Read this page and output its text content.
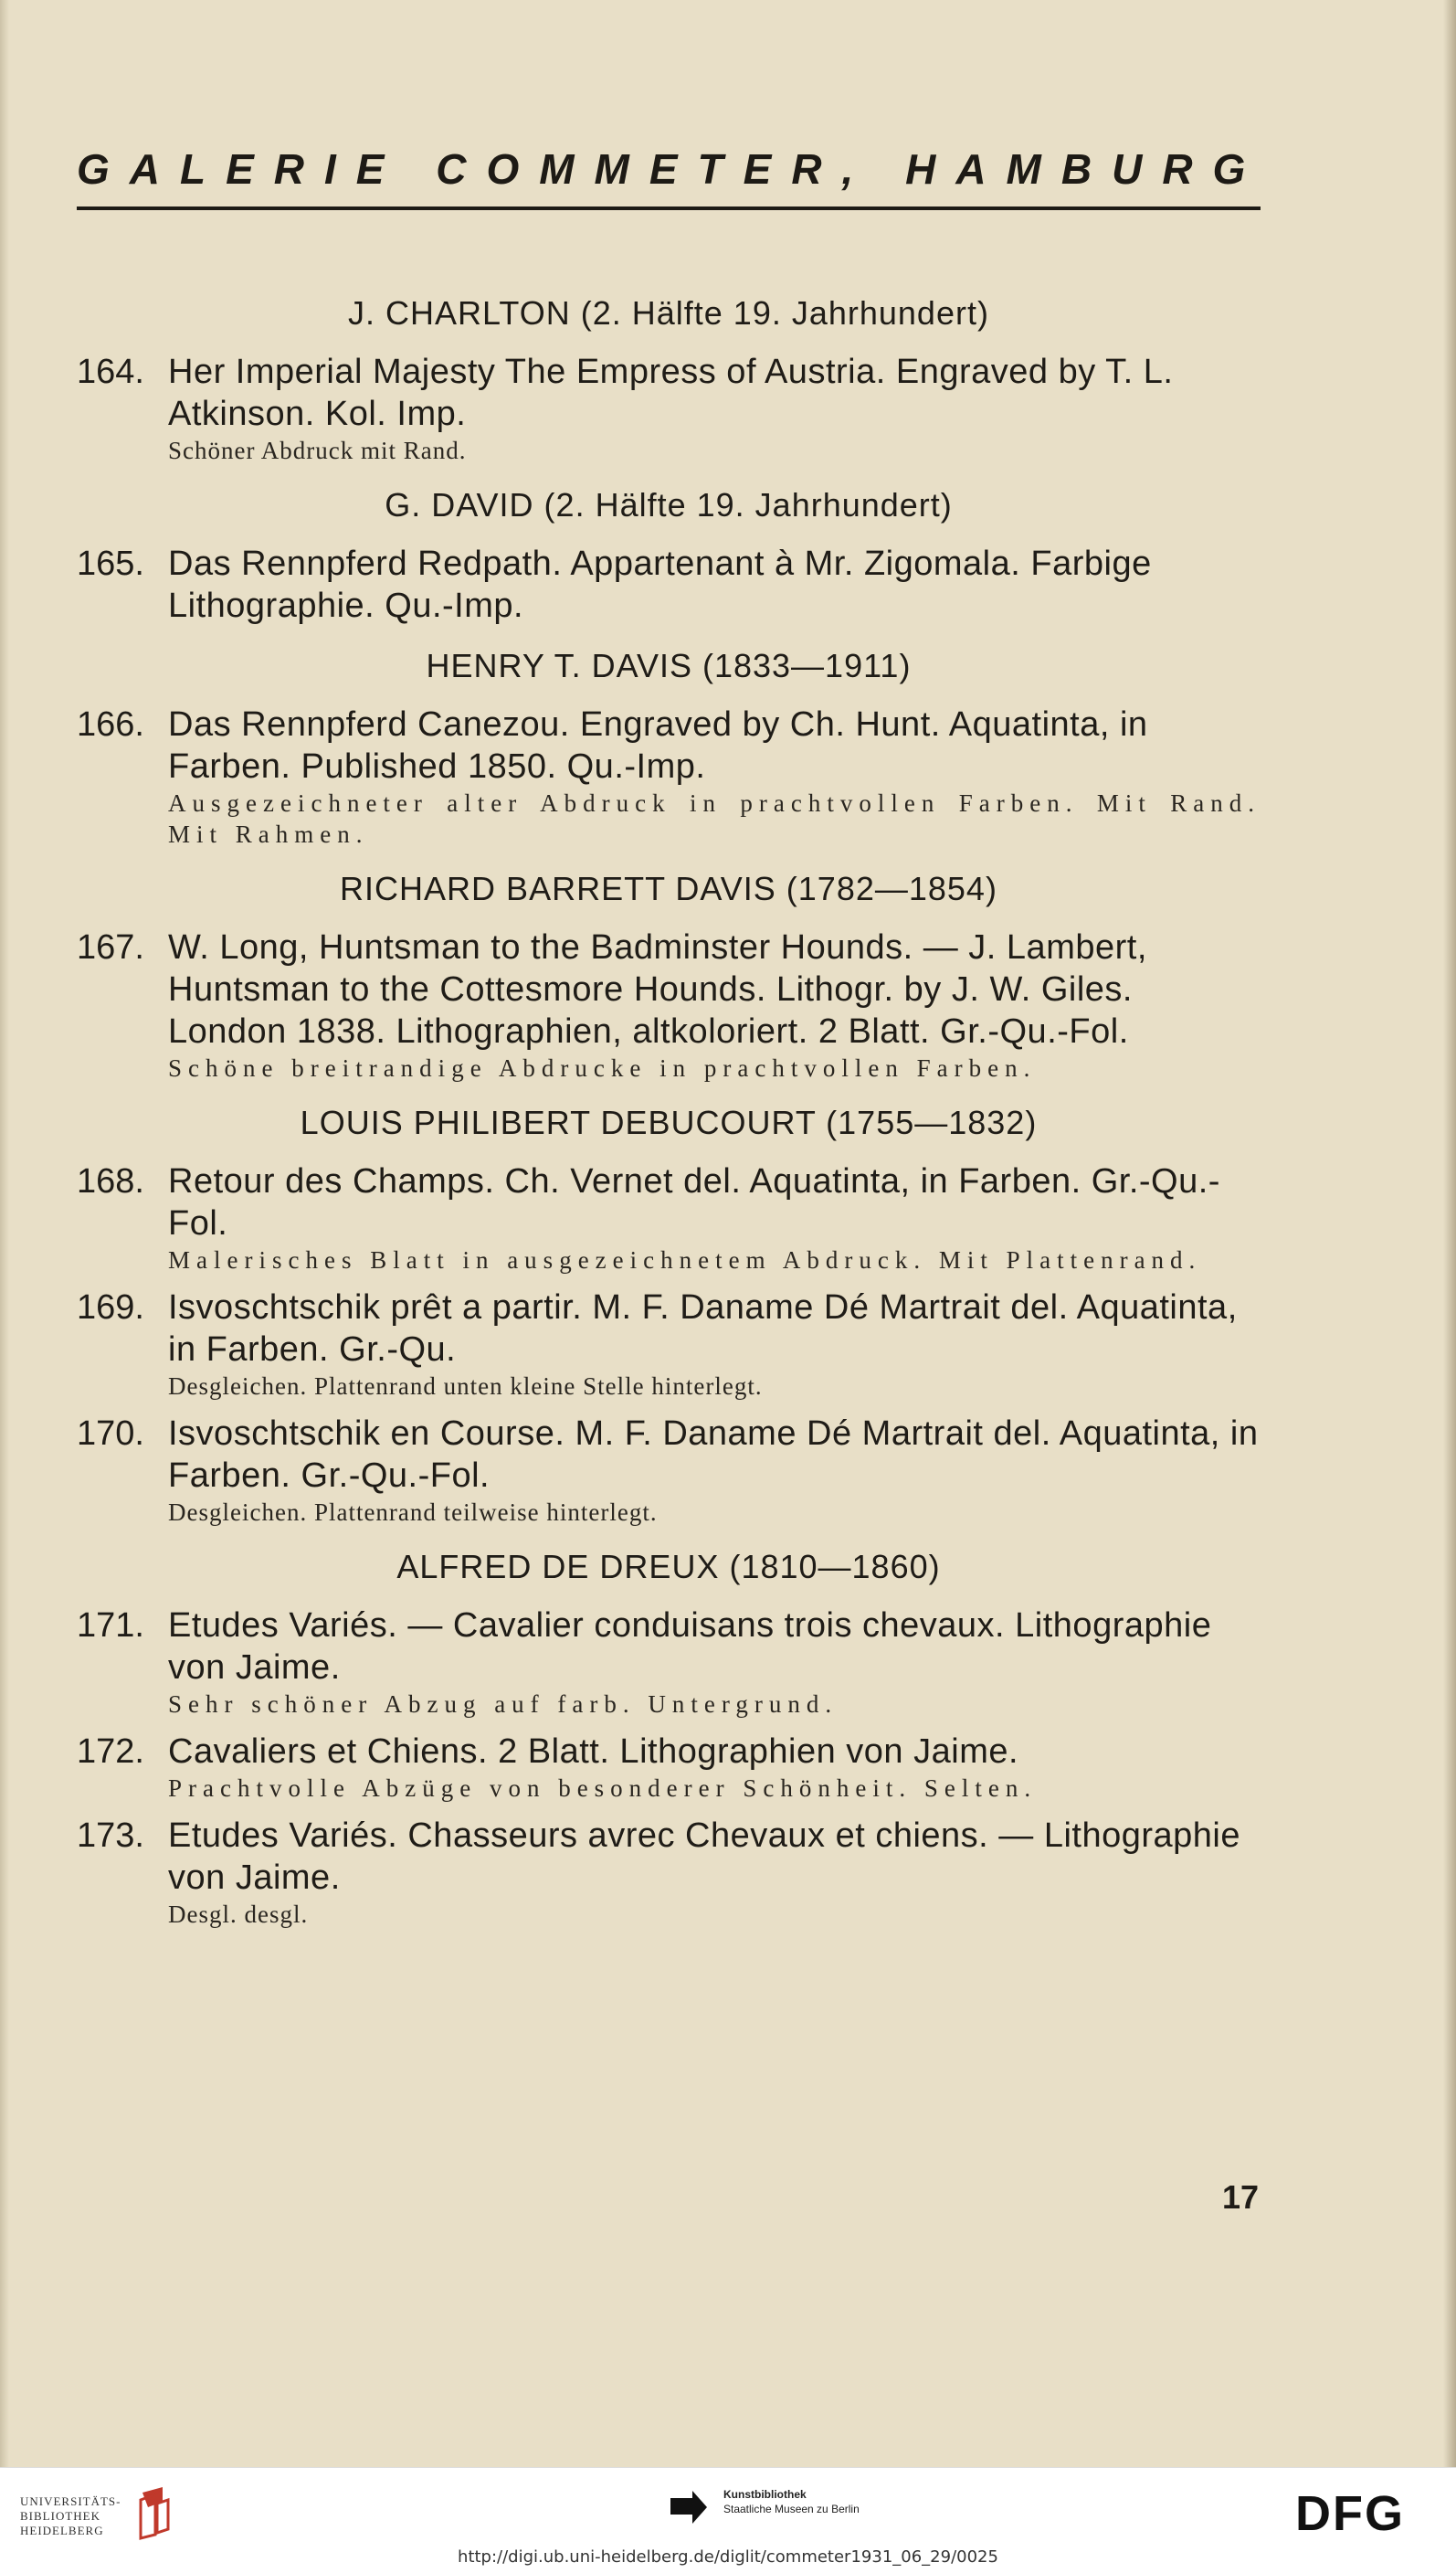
GALERIE COMMETER, HAMBURG
J. CHARLTON (2. Hälfte 19. Jahrhundert)
164. Her Imperial Majesty The Empress of Austria. Engraved by T. L. Atkinson. Kol. Imp.
Schöner Abdruck mit Rand.
G. DAVID (2. Hälfte 19. Jahrhundert)
165. Das Rennpferd Redpath. Appartenant à Mr. Zigomala. Farbige Lithographie. Qu.-Imp.
HENRY T. DAVIS (1833—1911)
166. Das Rennpferd Canezou. Engraved by Ch. Hunt. Aquatinta, in Farben. Published 1850. Qu.-Imp.
Ausgezeichneter alter Abdruck in prachtvollen Farben. Mit Rand. Mit Rahmen.
RICHARD BARRETT DAVIS (1782—1854)
167. W. Long, Huntsman to the Badminster Hounds. — J. Lambert, Huntsman to the Cottesmore Hounds. Lithogr. by J. W. Giles. London 1838. Lithographien, altkoloriert. 2 Blatt. Gr.-Qu.-Fol.
Schöne breitrandige Abdrucke in prachtvollen Farben.
LOUIS PHILIBERT DEBUCOURT (1755—1832)
168. Retour des Champs. Ch. Vernet del. Aquatinta, in Farben. Gr.-Qu.-Fol.
Malerisches Blatt in ausgezeichnetem Abdruck. Mit Plattenrand.
169. Isvoschtschik prêt a partir. M. F. Daname Dé Martrait del. Aquatinta, in Farben. Gr.-Qu.
Desgleichen. Plattenrand unten kleine Stelle hinterlegt.
170. Isvoschtschik en Course. M. F. Daname Dé Martrait del. Aquatinta, in Farben. Gr.-Qu.-Fol.
Desgleichen. Plattenrand teilweise hinterlegt.
ALFRED DE DREUX (1810—1860)
171. Etudes Variés. — Cavalier conduisans trois chevaux. Lithographie von Jaime.
Sehr schöner Abzug auf farb. Untergrund.
172. Cavaliers et Chiens. 2 Blatt. Lithographien von Jaime.
Prachtvolle Abzüge von besonderer Schönheit. Selten.
173. Etudes Variés. Chasseurs avrec Chevaux et chiens. — Lithographie von Jaime.
Desgl. desgl.
17
UNIVERSITÄTS-
BIBLIOTHEK
HEIDELBERG
Kunstbibliothek
Staatliche Museen zu Berlin	DFG
http://digi.ub.uni-heidelberg.de/diglit/commeter1931_06_29/0025
